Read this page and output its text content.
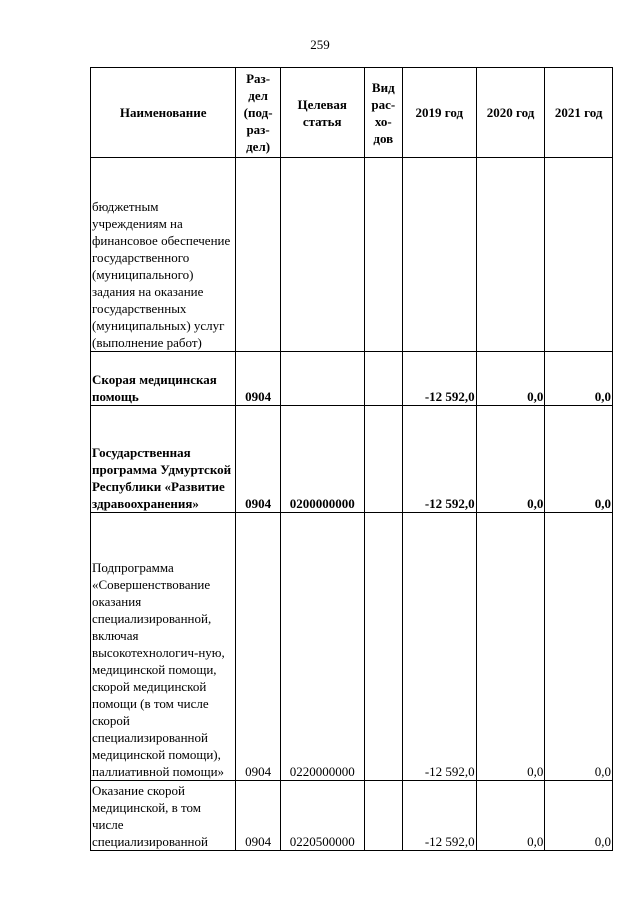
259
Наименование	Раз-дел (под-раз-дел)	Целевая статья	Вид рас-хо-дов	2019 год	2020 год	2021 год
бюджетным учреждениям на финансовое обеспечение государственного (муниципального) задания на оказание государственных (муниципальных) услуг (выполнение работ)						
Скорая медицинская помощь	0904			-12 592,0	0,0	0,0
Государственная программа Удмуртской Республики «Развитие здравоохранения»	0904	0200000000		-12 592,0	0,0	0,0
Подпрограмма «Совершенствование оказания специализированной, включая высокотехнологич-ную, медицинской помощи, скорой медицинской помощи (в том числе скорой специализированной медицинской помощи), паллиативной помощи»	0904	0220000000		-12 592,0	0,0	0,0
Оказание скорой медицинской, в том числе специализированной	0904	0220500000		-12 592,0	0,0	0,0
